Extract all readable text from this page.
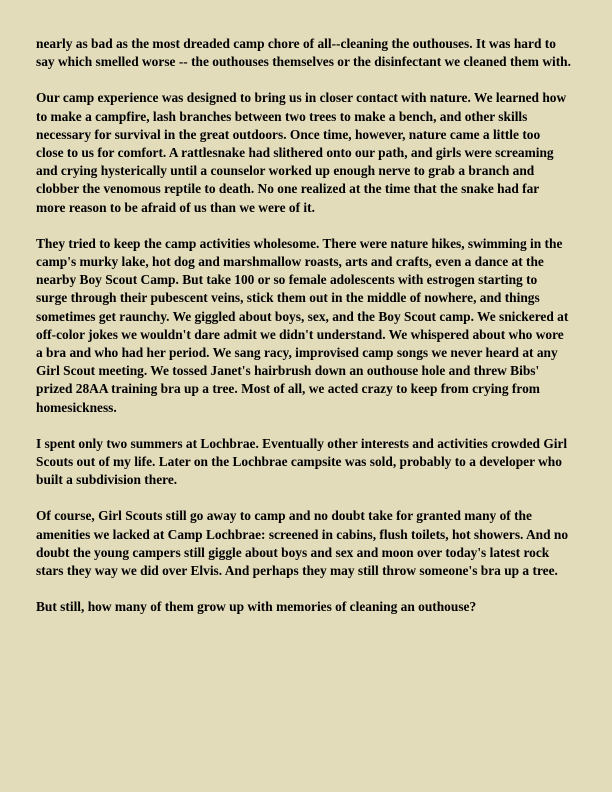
nearly as bad as the most dreaded camp chore of all--cleaning the outhouses. It was hard to
say which smelled worse -- the outhouses themselves or the disinfectant we cleaned them with.

Our camp experience was designed to bring us in closer contact with nature. We learned how
to make a campfire, lash branches between two trees to make a bench, and other skills
necessary for survival in the great outdoors. Once time, however, nature came a little too
close to us for comfort. A rattlesnake had slithered onto our path, and girls were screaming
and crying hysterically until a counselor worked up enough nerve to grab a branch and
clobber the venomous reptile to death. No one realized at the time that the snake had far
more reason to be afraid of us than we were of it.

They tried to keep the camp activities wholesome. There were nature hikes, swimming in the
camp's murky lake, hot dog and marshmallow roasts, arts and crafts, even a dance at the
nearby Boy Scout Camp. But take 100 or so female adolescents with estrogen starting to
surge through their pubescent veins, stick them out in the middle of nowhere, and things
sometimes get raunchy. We giggled about boys, sex, and the Boy Scout camp. We snickered at
off-color jokes we wouldn't dare admit we didn't understand. We whispered about who wore
a bra and who had her period. We sang racy, improvised camp songs we never heard at any
Girl Scout meeting. We tossed Janet's hairbrush down an outhouse hole and threw Bibs'
prized 28AA training bra up a tree. Most of all, we acted crazy to keep from crying from
homesickness.

I spent only two summers at Lochbrae. Eventually other interests and activities crowded Girl
Scouts out of my life. Later on the Lochbrae campsite was sold, probably to a developer who
built a subdivision there.

Of course, Girl Scouts still go away to camp and no doubt take for granted many of the
amenities we lacked at Camp Lochbrae: screened in cabins, flush toilets, hot showers. And no
doubt the young campers still giggle about boys and sex and moon over today's latest rock
stars they way we did over Elvis. And perhaps they may still throw someone's bra up a tree.

But still, how many of them grow up with memories of cleaning an outhouse?
